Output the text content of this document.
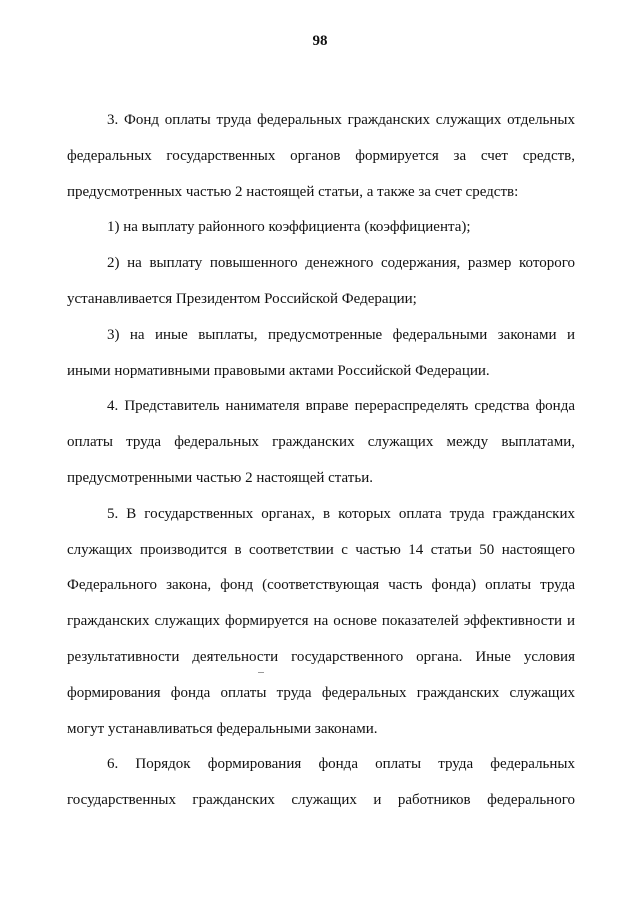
98

3. Фонд оплаты труда федеральных гражданских служащих отдельных федеральных государственных органов формируется за счет средств, предусмотренных частью 2 настоящей статьи, а также за счет средств:

1) на выплату районного коэффициента (коэффициента);

2) на выплату повышенного денежного содержания, размер которого устанавливается Президентом Российской Федерации;

3) на иные выплаты, предусмотренные федеральными законами и иными нормативными правовыми актами Российской Федерации.

4. Представитель нанимателя вправе перераспределять средства фонда оплаты труда федеральных гражданских служащих между выплатами, предусмотренными частью 2 настоящей статьи.

5. В государственных органах, в которых оплата труда гражданских служащих производится в соответствии с частью 14 статьи 50 настоящего Федерального закона, фонд (соответствующая часть фонда) оплаты труда гражданских служащих формируется на основе показателей эффективности и результативности деятельности государственного органа. Иные условия формирования фонда оплаты труда федеральных гражданских служащих могут устанавливаться федеральными законами.

6. Порядок формирования фонда оплаты труда федеральных государственных гражданских служащих и работников федерального
